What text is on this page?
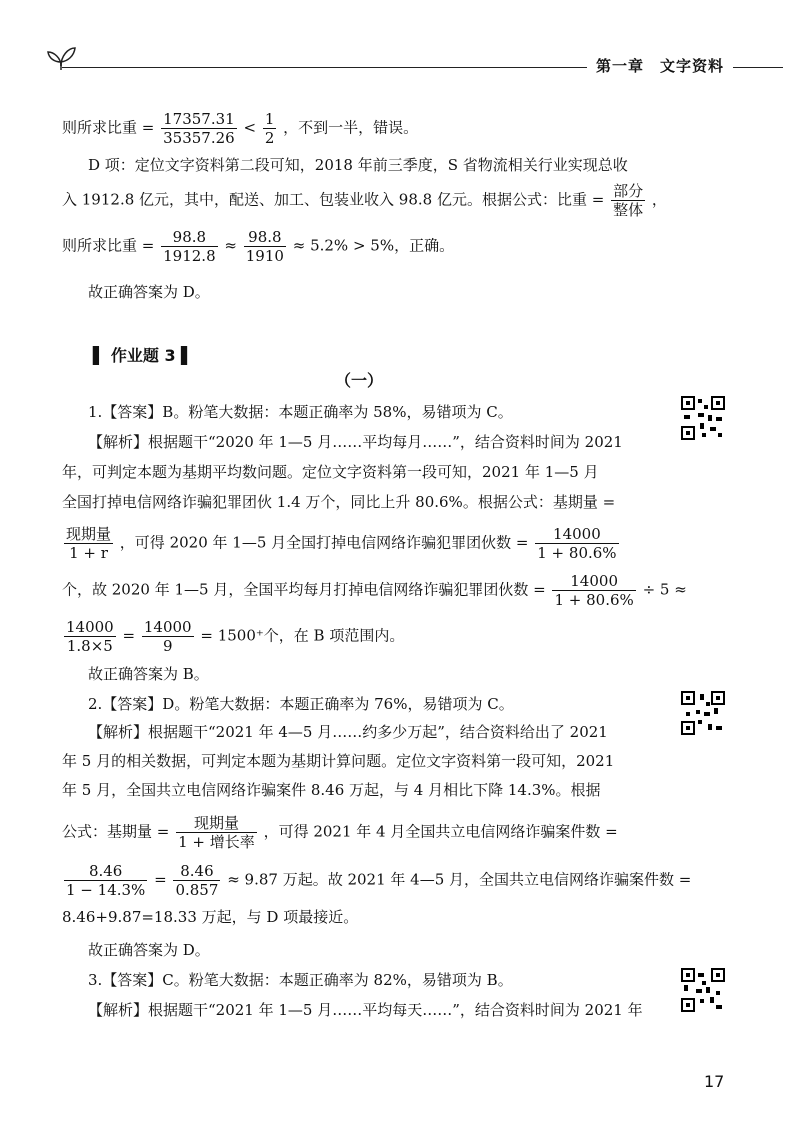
第一章　文字资料
则所求比重 = $\frac{17357.31}{35357.26} < \frac{1}{2}$ ，不到一半，错误。
D 项：定位文字资料第二段可知，2018 年前三季度，S 省物流相关行业实现总收
入 1912.8 亿元，其中，配送、加工、包装业收入 98.8 亿元。根据公式：比重 = 部分
整体
，
则所求比重 = $\frac{98.8}{1912.8} \approx \frac{98.8}{1910} \approx 5.2\% > 5\%$，正确。
故正确答案为 D。
▌ 作业题 3 ▌
（一）
1.【答案】B。粉笔大数据：本题正确率为 58%，易错项为 C。
【解析】根据题干“2020 年 1—5 月……平均每月……”，结合资料时间为 2021
年，可判定本题为基期平均数问题。定位文字资料第一段可知，2021 年 1—5 月
全国打掉电信网络诈骗犯罪团伙 1.4 万个，同比上升 80.6%。根据公式：基期量 =
现期量
1 + r
，可得 2020 年 1—5 月全国打掉电信网络诈骗犯罪团伙数 = $\frac{14000}{1 + 80.6\%}$
个，故 2020 年 1—5 月，全国平均每月打掉电信网络诈骗犯罪团伙数 = $\frac{14000}{1 + 80.6\%} \div 5$ ≈
$\frac{14000}{1.8\times 5} = \frac{14000}{9} = 1500^+$个，在 B 项范围内。
故正确答案为 B。
2.【答案】D。粉笔大数据：本题正确率为 76%，易错项为 C。
【解析】根据题干“2021 年 4—5 月……约多少万起”，结合资料给出了 2021
年 5 月的相关数据，可判定本题为基期计算问题。定位文字资料第一段可知，2021
年 5 月，全国共立电信网络诈骗案件 8.46 万起，与 4 月相比下降 14.3%。根据
公式：基期量 =	现期量
1 + 增长率
，可得 2021 年 4 月全国共立电信网络诈骗案件数 =
$\frac{8.46}{1 - 14.3\%} = \frac{8.46}{0.857} \approx 9.87$ 万起。故 2021 年 4—5 月，全国共立电信网络诈骗案件数 =
8.46+9.87=18.33 万起，与 D 项最接近。
故正确答案为 D。
3.【答案】C。粉笔大数据：本题正确率为 82%，易错项为 B。
【解析】根据题干“2021 年 1—5 月……平均每天……”，结合资料时间为 2021 年
17
